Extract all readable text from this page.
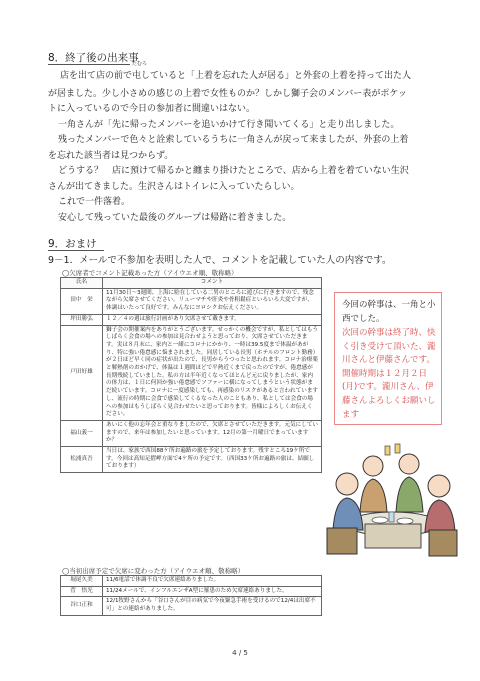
8．終了後の出来事
店を出て店の前で屯
たむろ
していると「上着を忘れた人が居る」と外套の上着を持って出た人
が居ました。少し小さめの感じの上着で女性ものか？しかし獅子会のメンバー表がポケッ
トに入っているので今日の参加者に間違いはない。
一角さんが「先に帰ったメンバーを追いかけて行き聞いてくる」と走り出しました。
残ったメンバーで色々と詮索しているうちに一角さんが戻って来ましたが、外套の上着
を忘れた該当者は見つからず。
どうする？　店に預けて帰るかと纏まり掛けたところで、店から上着を着ていない生沢
さんが出てきました。生沢さんはトイレに入っていたらしい。
これで一件落着。
安心して残っていた最後のグループは帰路に着きました。
9．おまけ
9－1．メールで不参加を表明した人で、コメントを記載していた人の内容です。
◯欠席者でコメント記載あった方（アイウエオ順、敬称略）
氏名	コメント
田中　栄	11月30日～3週間、上海に駐在している二男のところに遊びに行きますので、残念ながら欠席させてください。リューマチや肝炎や骨粗鬆症といろいろ大変ですが、体調はいたって良好です。みんなにヨロシクお伝えください。
坪田勝弘	１２／４の週は旅行計画があり欠席させて戴きます。
戸田好雄	獅子会の開催案内をありがとうございます。せっかくの機会ですが、私としてはもうしばらく会食の場への参加は見合わせようと思っており、欠席させていただきます。実は８月末に、家内と一緒にコロナにかかり、一時は39.5度まで体温があがり、特に強い倦怠感に悩まされました。同居している長男（ホテルのフロント勤務）が２日ほど早く同の症状が出たので、長男からうつったと思われます。コロナ治療薬と解熱剤のおかげで、体温は１週間ほどで平熱近くまで戻ったのですが、倦怠感が長期残続していました。私の方は半年近くなってほとんど元に戻りましたが、家内の体力は、１日に何回か強い倦怠感でソファーに横になってしまうという状態がまだ続いています。コロナに一度感染しても、再感染のリスクがあると言われていますし、流行の時期に会食で感染してくるなった人のこともあり、私としては会食の場への参加はもうしばらく見合わせたいと思っております。皆様によろしくお伝えください。
福山義一	あいにく他の忘年会と重なりましたので、欠席とさせていただきます。元気にしていますので、来年は参加したいと思っています。12月の第一月曜日でまっていますか？
松浦真吾	当日は、家族で西国88ケ所お遍路の旅を予定しております。残すところ19ケ所です。今回は高知足摺岬方面で4ケ所の予定です。（西国33ケ所お遍路の旅は、結願しております）
◯当初出席予定で欠席に変わった方（アイウエオ順、敬称略）
堀尾久美	11/6電話で体調不良で欠席連絡ありました。
菅　悟光	11/24メールで、インフルエンザA型に罹患のため欠席連絡ありました。
谷口正和	12/1牧野さんから「谷口さんが目の病気で今夜緊急手術を受けるので12/4は出席不可」との連絡がありました。

今回の幹事は、一角と小西でした。

次回の幹事は終了時、快く引き受けて頂いた、瀧川さんと伊藤さんです。開催時期は１２月２日(月)です。瀧川さん、伊藤さんよろしくお願いします

4 / 5
